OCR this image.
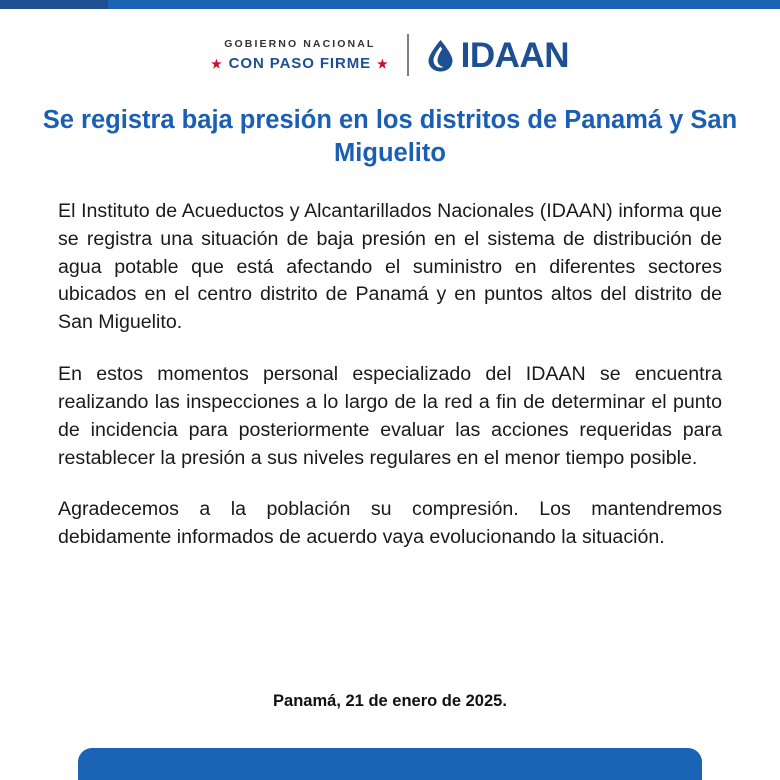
GOBIERNO NACIONAL
★ CON PASO FIRME ★ IDAAN
Se registra baja presión en los distritos de Panamá y San Miguelito

El Instituto de Acueductos y Alcantarillados Nacionales (IDAAN) informa que se registra una situación de baja presión en el sistema de distribución de agua potable que está afectando el suministro en diferentes sectores ubicados en el centro distrito de Panamá y en puntos altos del distrito de San Miguelito.

En estos momentos personal especializado del IDAAN se encuentra realizando las inspecciones a lo largo de la red a fin de determinar el punto de incidencia para posteriormente evaluar las acciones requeridas para restablecer la presión a sus niveles regulares en el menor tiempo posible.

Agradecemos a la población su compresión. Los mantendremos debidamente informados de acuerdo vaya evolucionando la situación.

Panamá, 21 de enero de 2025.
